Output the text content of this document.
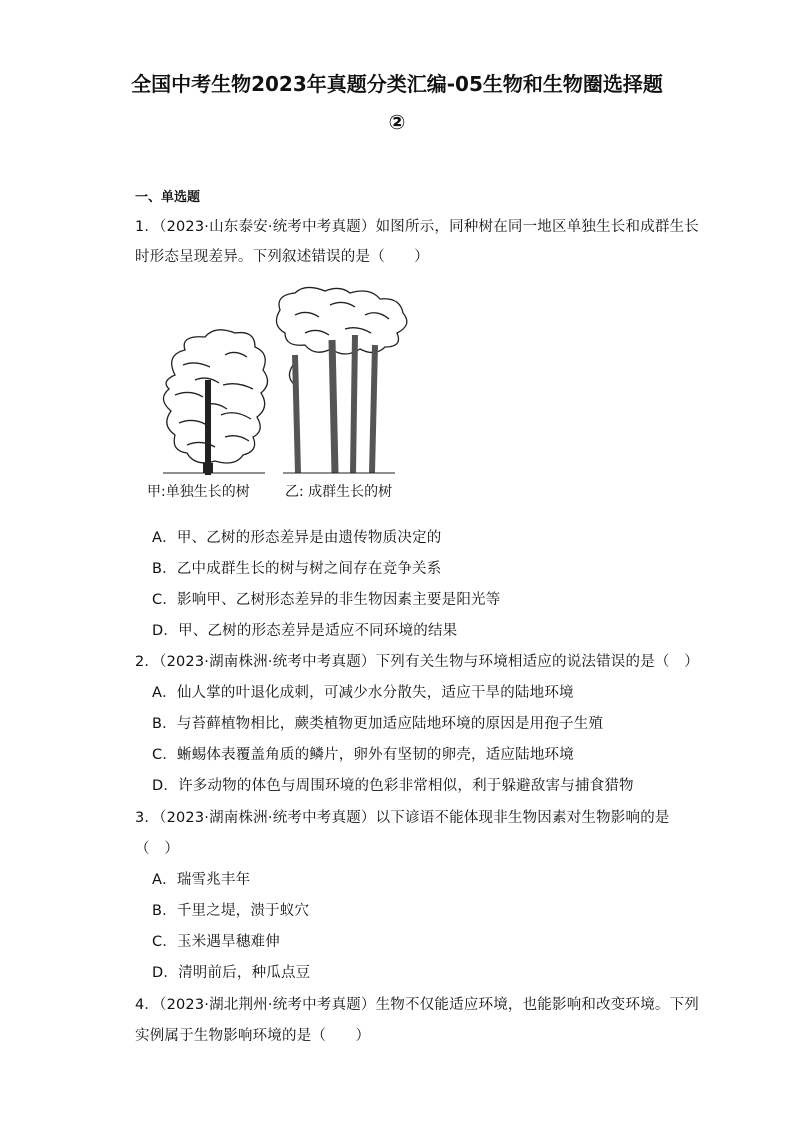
全国中考生物2023年真题分类汇编-05生物和生物圈选择题
②
一、单选题
1．（2023·山东泰安·统考中考真题）如图所示，同种树在同一地区单独生长和成群生长
时形态呈现差异。下列叙述错误的是（　　）
甲:单独生长的树	乙: 成群生长的树
A．甲、乙树的形态差异是由遗传物质决定的
B．乙中成群生长的树与树之间存在竞争关系
C．影响甲、乙树形态差异的非生物因素主要是阳光等
D．甲、乙树的形态差异是适应不同环境的结果
2．（2023·湖南株洲·统考中考真题）下列有关生物与环境相适应的说法错误的是（　）
A．仙人掌的叶退化成刺，可减少水分散失，适应干旱的陆地环境
B．与苔藓植物相比，蕨类植物更加适应陆地环境的原因是用孢子生殖
C．蜥蜴体表覆盖角质的鳞片，卵外有坚韧的卵壳，适应陆地环境
D．许多动物的体色与周围环境的色彩非常相似，利于躲避敌害与捕食猎物
3．（2023·湖南株洲·统考中考真题）以下谚语不能体现非生物因素对生物影响的是
（　）
A．瑞雪兆丰年
B．千里之堤，溃于蚁穴
C．玉米遇旱穗难伸
D．清明前后，种瓜点豆
4．（2023·湖北荆州·统考中考真题）生物不仅能适应环境，也能影响和改变环境。下列
实例属于生物影响环境的是（　　）
